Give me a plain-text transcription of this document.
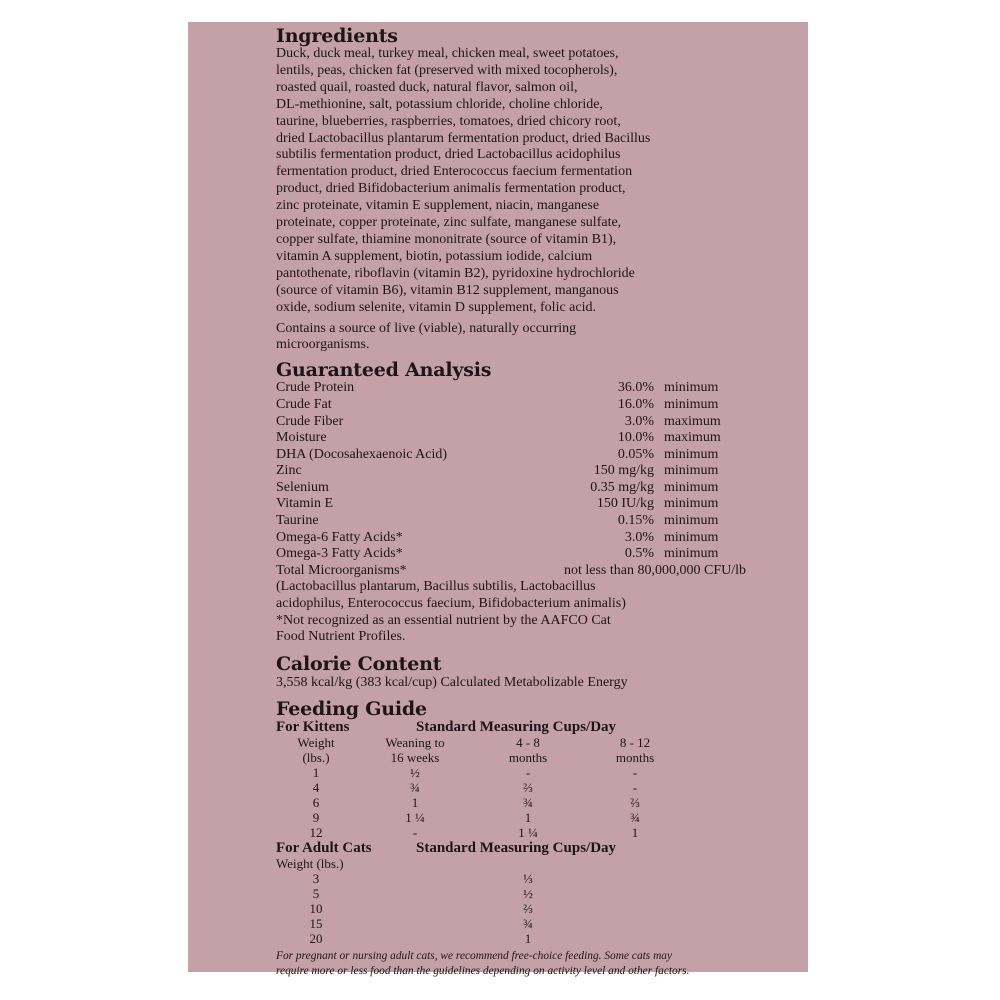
Ingredients
Duck, duck meal, turkey meal, chicken meal, sweet potatoes,
lentils, peas, chicken fat (preserved with mixed tocopherols),
roasted quail, roasted duck, natural flavor, salmon oil,
DL-methionine, salt, potassium chloride, choline chloride,
taurine, blueberries, raspberries, tomatoes, dried chicory root,
dried Lactobacillus plantarum fermentation product, dried Bacillus
subtilis fermentation product, dried Lactobacillus acidophilus
fermentation product, dried Enterococcus faecium fermentation
product, dried Bifidobacterium animalis fermentation product,
zinc proteinate, vitamin E supplement, niacin, manganese
proteinate, copper proteinate, zinc sulfate, manganese sulfate,
copper sulfate, thiamine mononitrate (source of vitamin B1),
vitamin A supplement, biotin, potassium iodide, calcium
pantothenate, riboflavin (vitamin B2), pyridoxine hydrochloride
(source of vitamin B6), vitamin B12 supplement, manganous
oxide, sodium selenite, vitamin D supplement, folic acid.
Contains a source of live (viable), naturally occurring
microorganisms.
Guaranteed Analysis
Crude Protein	36.0% minimum
Crude Fat	16.0% minimum
Crude Fiber	3.0% maximum
Moisture	10.0% maximum
DHA (Docosahexaenoic Acid)	0.05% minimum
Zinc	150 mg/kg minimum
Selenium	0.35 mg/kg minimum
Vitamin E	150 IU/kg minimum
Taurine	0.15% minimum
Omega-6 Fatty Acids*	3.0% minimum
Omega-3 Fatty Acids*	0.5% minimum
Total Microorganisms*	not less than 80,000,000 CFU/lb
(Lactobacillus plantarum, Bacillus subtilis, Lactobacillus
acidophilus, Enterococcus faecium, Bifidobacterium animalis)
*Not recognized as an essential nutrient by the AAFCO Cat
Food Nutrient Profiles.
Calorie Content

3,558 kcal/kg (383 kcal/cup) Calculated Metabolizable Energy

Feeding Guide
For Kittens	Standard Measuring Cups/Day
Weight	Weaning to	4 - 8	8 - 12
(lbs.)	16 weeks	months	months
1	½	-	-
4	¾	⅔	-
6	1	¾	⅔
9	1 ¼	1	¾
12	-	1 ¼	1
For Adult Cats	Standard Measuring Cups/Day
Weight (lbs.)
3	⅓
5	½
10	⅔
15	¾
20	1
For pregnant or nursing adult cats, we recommend free-choice feeding. Some cats may
require more or less food than the guidelines depending on activity level and other factors.
